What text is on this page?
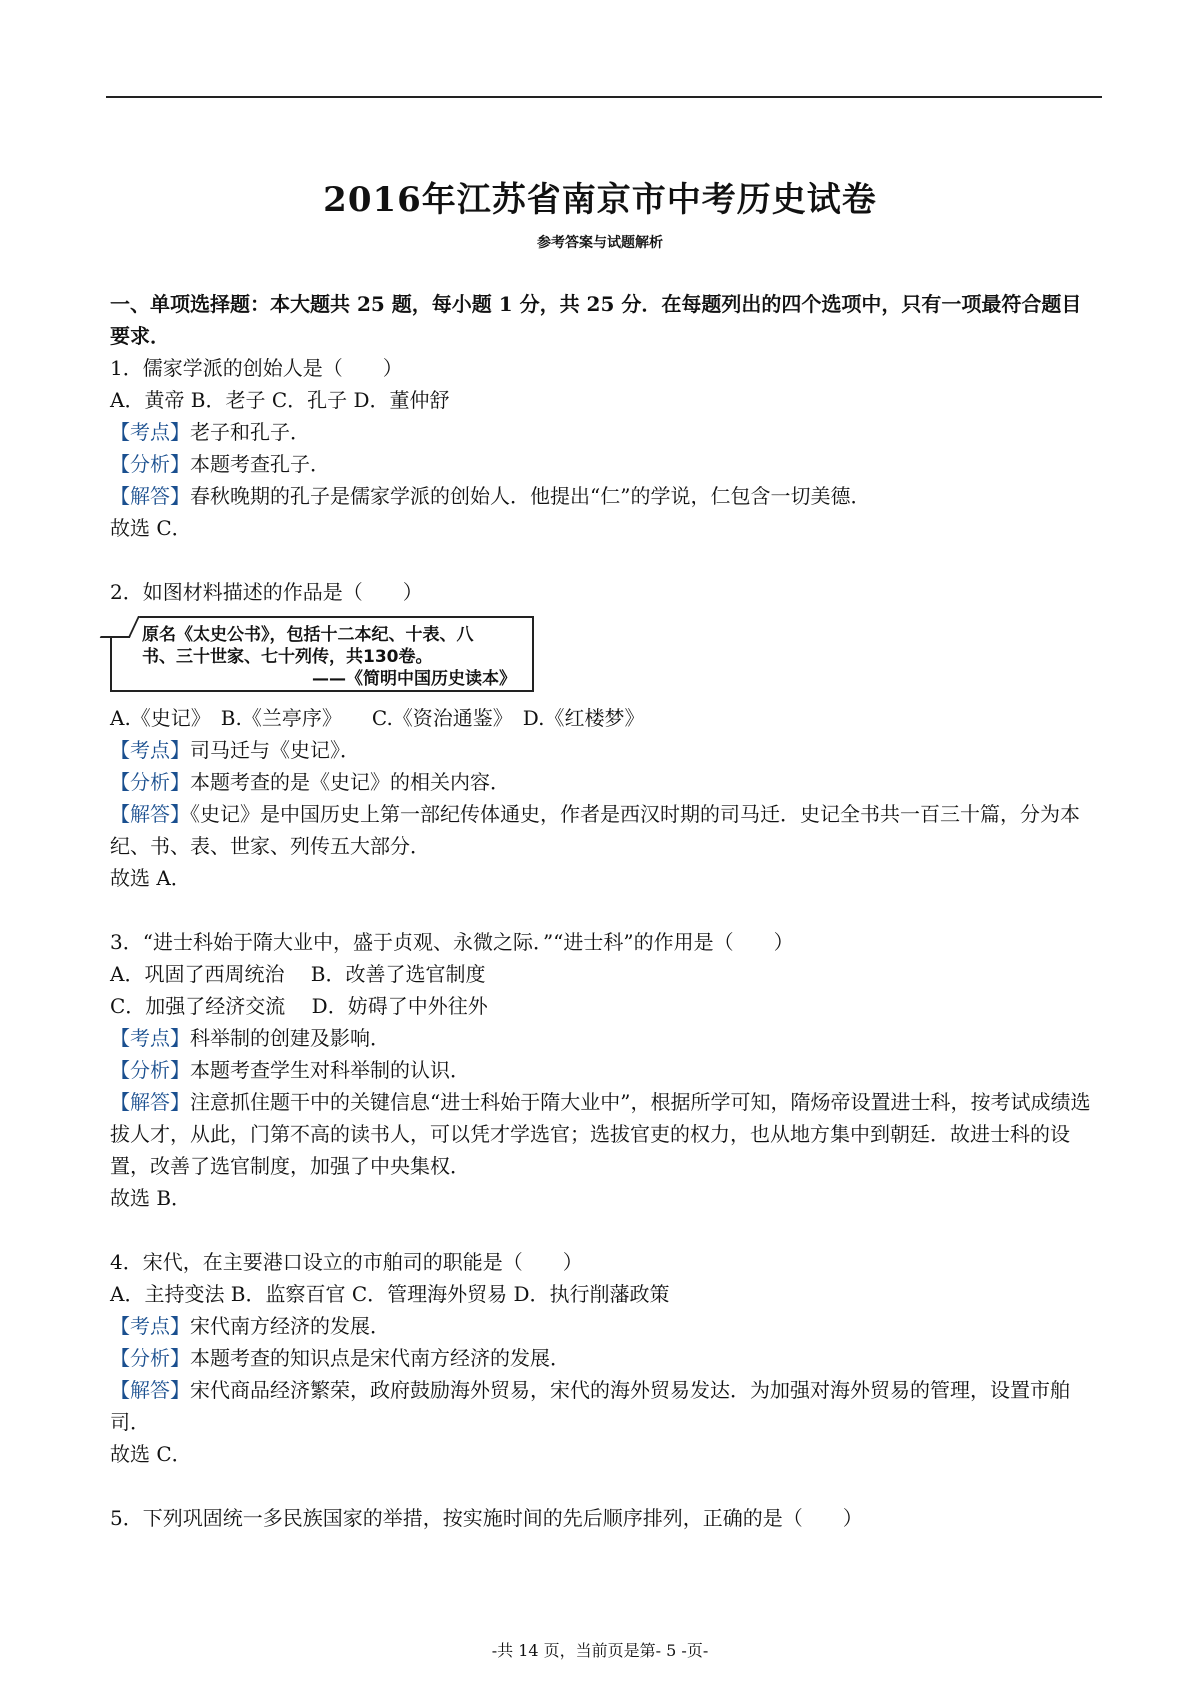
2016年江苏省南京市中考历史试卷
参考答案与试题解析

一、单项选择题：本大题共 25 题，每小题 1 分，共 25 分．在每题列出的四个选项中，只有一项最符合题目要求．

1．儒家学派的创始人是（　　）

A．黄帝 B．老子 C．孔子 D．董仲舒

【考点】老子和孔子．

【分析】本题考查孔子．

【解答】春秋晚期的孔子是儒家学派的创始人．他提出“仁”的学说，仁包含一切美德．

故选 C．

2．如图材料描述的作品是（　　）

原名《太史公书》，包括十二本纪、十表、八
书、三十世家、七十列传，共130卷。
——《简明中国历史读本》

A.《史记》　B.《兰亭序》　　C.《资治通鉴》　D.《红楼梦》

【考点】司马迁与《史记》．

【分析】本题考查的是《史记》的相关内容．

【解答】《史记》是中国历史上第一部纪传体通史，作者是西汉时期的司马迁．史记全书共一百三十篇，分为本纪、书、表、世家、列传五大部分．

故选 A．

3．“进士科始于隋大业中，盛于贞观、永微之际．”“进士科”的作用是（　　）

A．巩固了西周统治　 B．改善了选官制度

C．加强了经济交流　 D．妨碍了中外往外

【考点】科举制的创建及影响．

【分析】本题考查学生对科举制的认识．

【解答】注意抓住题干中的关键信息“进士科始于隋大业中”，根据所学可知，隋炀帝设置进士科，按考试成绩选拔人才，从此，门第不高的读书人，可以凭才学选官；选拔官吏的权力，也从地方集中到朝廷．故进士科的设置，改善了选官制度，加强了中央集权．

故选 B．

4．宋代，在主要港口设立的市舶司的职能是（　　）

A．主持变法 B．监察百官 C．管理海外贸易 D．执行削藩政策

【考点】宋代南方经济的发展．

【分析】本题考查的知识点是宋代南方经济的发展．

【解答】宋代商品经济繁荣，政府鼓励海外贸易，宋代的海外贸易发达．为加强对海外贸易的管理，设置市舶司．

故选 C．

5．下列巩固统一多民族国家的举措，按实施时间的先后顺序排列，正确的是（　　）

-共 14 页，当前页是第- 5 -页-
